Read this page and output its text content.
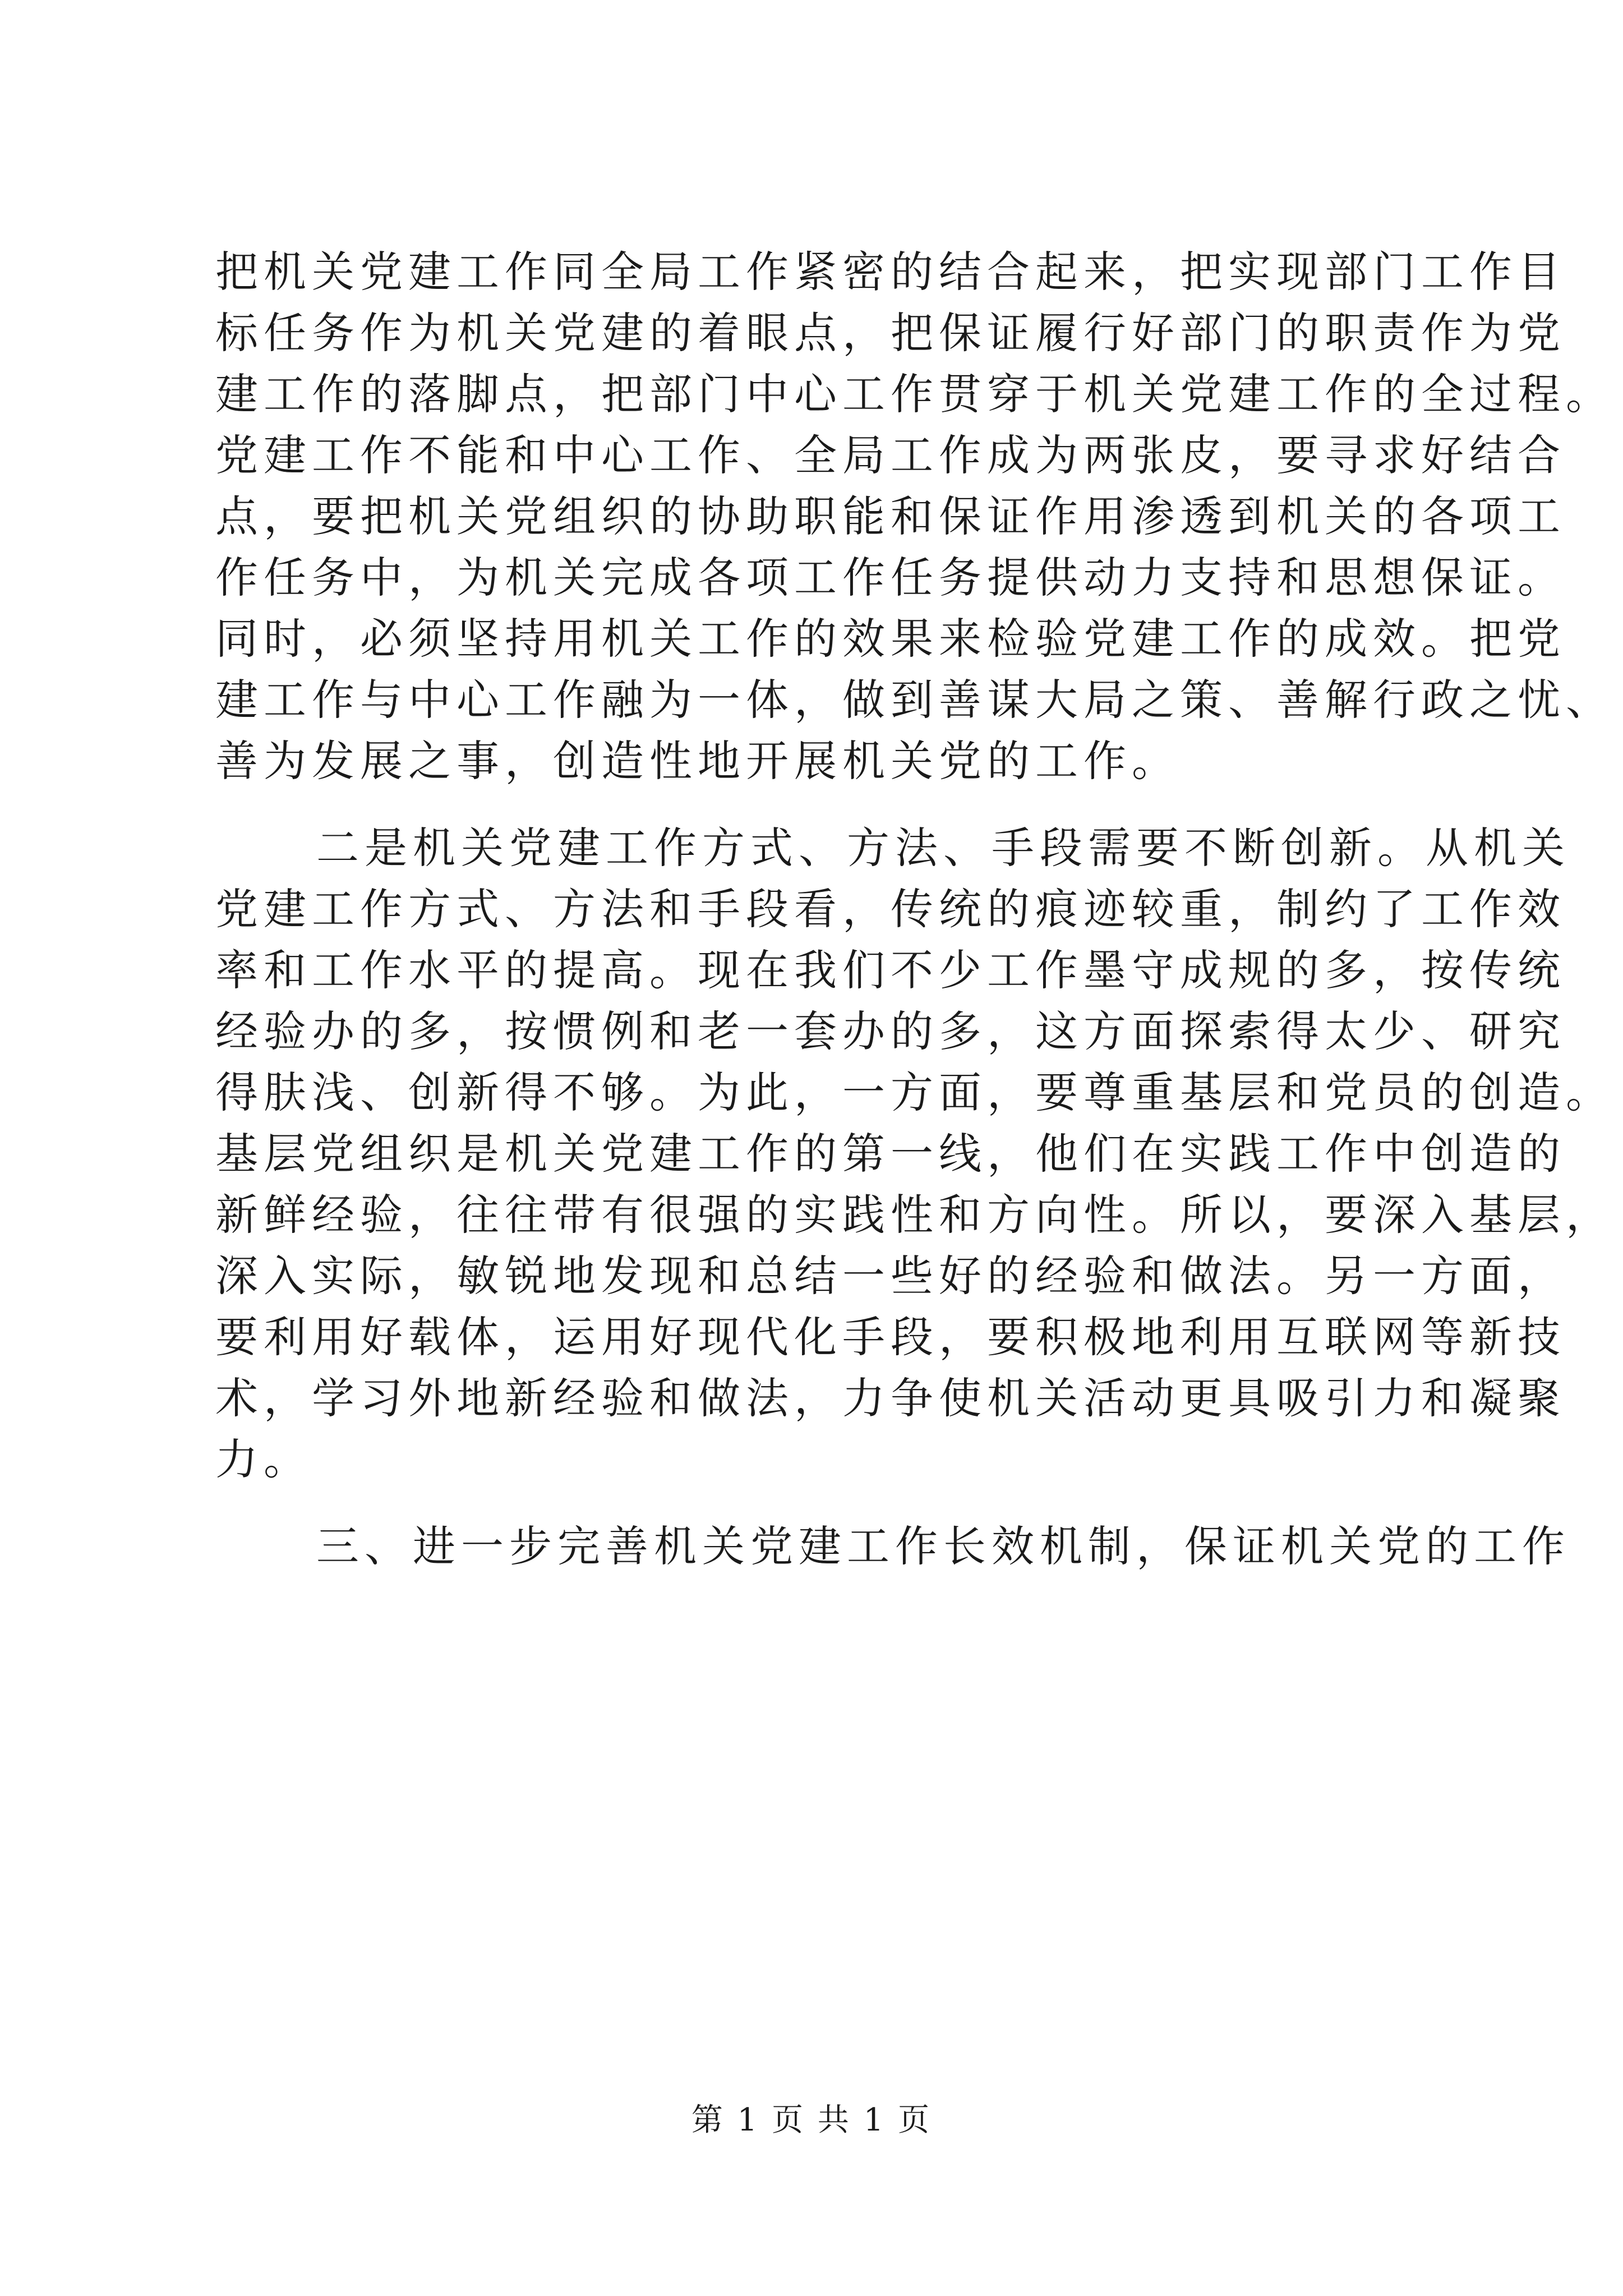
把机关党建工作同全局工作紧密的结合起来，把实现部门工作目
标任务作为机关党建的着眼点，把保证履行好部门的职责作为党
建工作的落脚点，把部门中心工作贯穿于机关党建工作的全过程。
党建工作不能和中心工作、全局工作成为两张皮，要寻求好结合
点，要把机关党组织的协助职能和保证作用渗透到机关的各项工
作任务中，为机关完成各项工作任务提供动力支持和思想保证。
同时，必须坚持用机关工作的效果来检验党建工作的成效。把党
建工作与中心工作融为一体，做到善谋大局之策、善解行政之忧、
善为发展之事，创造性地开展机关党的工作。
二是机关党建工作方式、方法、手段需要不断创新。从机关
党建工作方式、方法和手段看，传统的痕迹较重，制约了工作效
率和工作水平的提高。现在我们不少工作墨守成规的多，按传统
经验办的多，按惯例和老一套办的多，这方面探索得太少、研究
得肤浅、创新得不够。为此，一方面，要尊重基层和党员的创造。
基层党组织是机关党建工作的第一线，他们在实践工作中创造的
新鲜经验，往往带有很强的实践性和方向性。所以，要深入基层，
深入实际，敏锐地发现和总结一些好的经验和做法。另一方面，
要利用好载体，运用好现代化手段，要积极地利用互联网等新技
术，学习外地新经验和做法，力争使机关活动更具吸引力和凝聚
力。
三、进一步完善机关党建工作长效机制，保证机关党的工作
第 1 页 共 1 页
